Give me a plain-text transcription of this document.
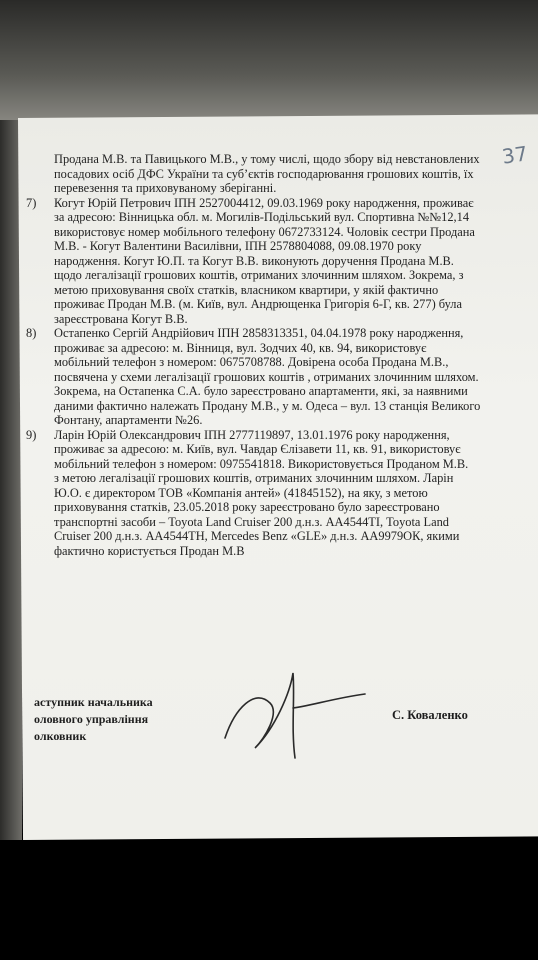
37
Продана М.В. та Павицького М.В., у тому числі, щодо збору від невстановлених
посадових осіб ДФС України та суб’єктів господарювання грошових коштів, їх
перевезення та приховуваному зберіганні.
7) Когут Юрій Петрович ІПН 2527004412, 09.03.1969 року народження, проживає
за адресою: Вінницька обл. м. Могилів-Подільський вул. Спортивна №№12,14
використовує номер мобільного телефону 0672733124. Чоловік сестри Продана
М.В. - Когут Валентини Василівни, ІПН 2578804088, 09.08.1970 року
народження. Когут Ю.П. та Когут В.В. виконують доручення Продана М.В.
щодо легалізації грошових коштів, отриманих злочинним шляхом. Зокрема, з
метою приховування своїх статків, власником квартири, у якій фактично
проживає Продан М.В. (м. Київ, вул. Андрющенка Григорія 6-Г, кв. 277) була
зареєстрована Когут В.В.
8) Остапенко Сергій Андрійович ІПН 2858313351, 04.04.1978 року народження,
проживає за адресою: м. Вінниця, вул. Зодчих 40, кв. 94, використовує
мобільний телефон з номером: 0675708788. Довірена особа Продана М.В.,
посвячена у схеми легалізації грошових коштів , отриманих злочинним шляхом.
Зокрема, на Остапенка С.А. було зареєстровано апартаменти, які, за наявними
даними фактично належать Продану М.В., у м. Одеса – вул. 13 станція Великого
Фонтану, апартаменти №26.
9) Ларін Юрій Олександрович ІПН 2777119897, 13.01.1976 року народження,
проживає за адресою: м. Київ, вул. Чавдар Єлізавети 11, кв. 91, використовує
мобільний телефон з номером: 0975541818. Використовується Проданом М.В.
з метою легалізації грошових коштів, отриманих злочинним шляхом. Ларін
Ю.О. є директором ТОВ «Компанія антей» (41845152), на яку, з метою
приховування статків, 23.05.2018 року зареєстровано було зареєстровано
транспортні засоби – Toyota Land Cruiser 200 д.н.з. АА4544ТІ, Toyota Land
Cruiser 200 д.н.з. АА4544ТН, Mercedes Benz «GLE» д.н.з. АА9979ОК, якими
фактично користується Продан М.В
аступник начальника
оловного управління
олковник
С. Коваленко
